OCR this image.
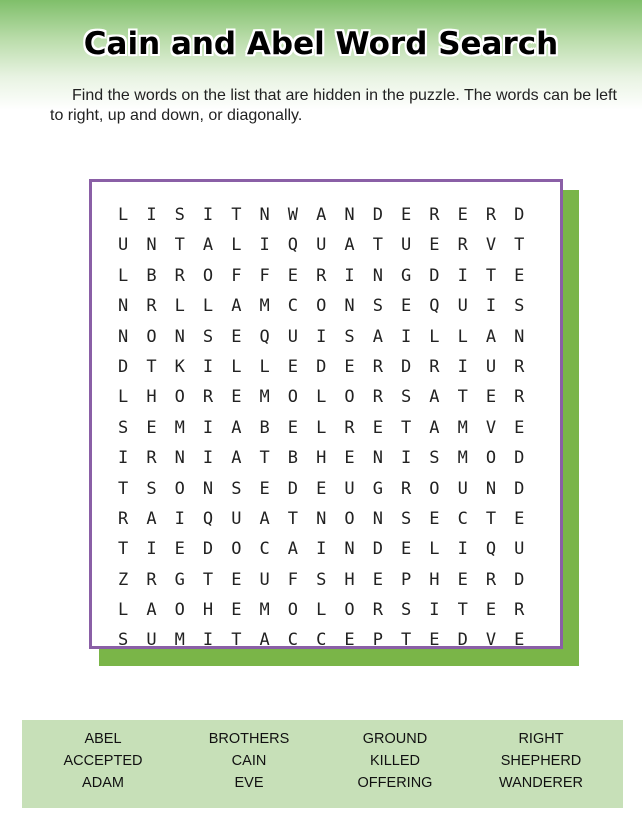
Cain and Abel Word Search

Find the words on the list that are hidden in the puzzle. The words can be left to right, up and down, or diagonally.

L	I	S	I	T	N	W	A	N	D	E	R	E	R	D
U	N	T	A	L	I	Q	U	A	T	U	E	R	V	T
L	B	R	O	F	F	E	R	I	N	G	D	I	T	E
N	R	L	L	A	M	C	O	N	S	E	Q	U	I	S
N	O	N	S	E	Q	U	I	S	A	I	L	L	A	N
D	T	K	I	L	L	E	D	E	R	D	R	I	U	R
L	H	O	R	E	M	O	L	O	R	S	A	T	E	R
S	E	M	I	A	B	E	L	R	E	T	A	M	V	E
I	R	N	I	A	T	B	H	E	N	I	S	M	O	D
T	S	O	N	S	E	D	E	U	G	R	O	U	N	D
R	A	I	Q	U	A	T	N	O	N	S	E	C	T	E
T	I	E	D	O	C	A	I	N	D	E	L	I	Q	U
Z	R	G	T	E	U	F	S	H	E	P	H	E	R	D
L	A	O	H	E	M	O	L	O	R	S	I	T	E	R
S	U	M	I	T	A	C	C	E	P	T	E	D	V	E

ABEL

ACCEPTED

ADAM

BROTHERS

CAIN

EVE

GROUND

KILLED

OFFERING

RIGHT

SHEPHERD

WANDERER
